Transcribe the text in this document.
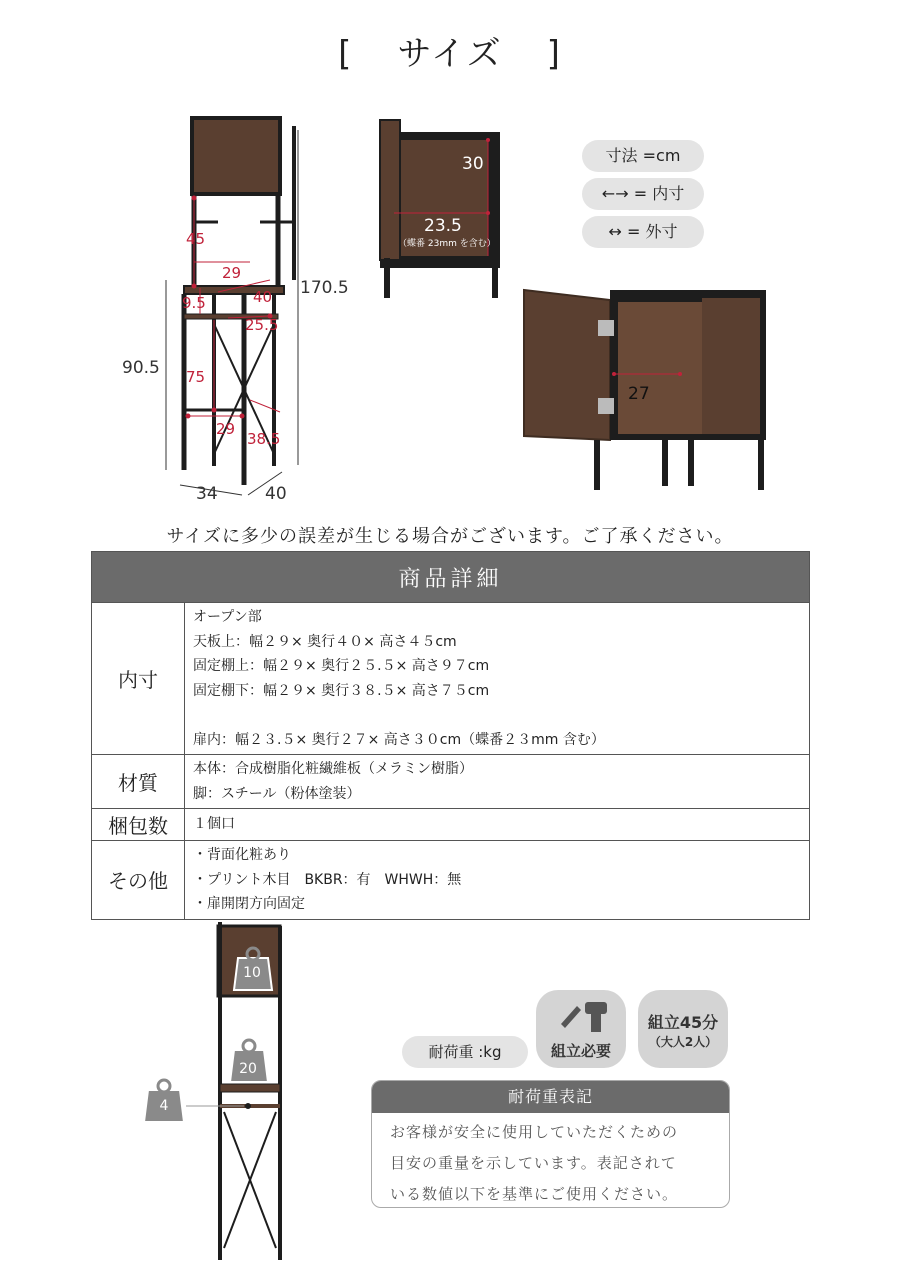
[ サイズ ]
170.5
90.5
34	40
45
29
9.5	40
25.5
75
29
38.5
30
23.5
（蝶番 23mm を含む）
寸法 =cm
←→ = 内寸
↔ = 外寸
27
サイズに多少の誤差が生じる場合がございます。ご了承ください。
商品詳細	
内寸	オープン部
天板上：幅２９× 奥行４０× 高さ４５cm
固定棚上：幅２９× 奥行２５.５× 高さ９７cm
固定棚下：幅２９× 奥行３８.５× 高さ７５cm
扉内：幅２３.５× 奥行２７× 高さ３０cm（蝶番２３mm 含む）

材質	本体：合成樹脂化粧繊維板（メラミン樹脂）
脚：スチール（粉体塗装）

梱包数	１個口

その他	・背面化粧あり
・プリント木目　BKBR：有　WHWH：無
・扉開閉方向固定
10
20
4
組立必要
組立45分
（大人2人）
耐荷重 :kg
耐荷重表記
お客様が安全に使用していただくための
目安の重量を示しています。表記されて
いる数値以下を基準にご使用ください。
